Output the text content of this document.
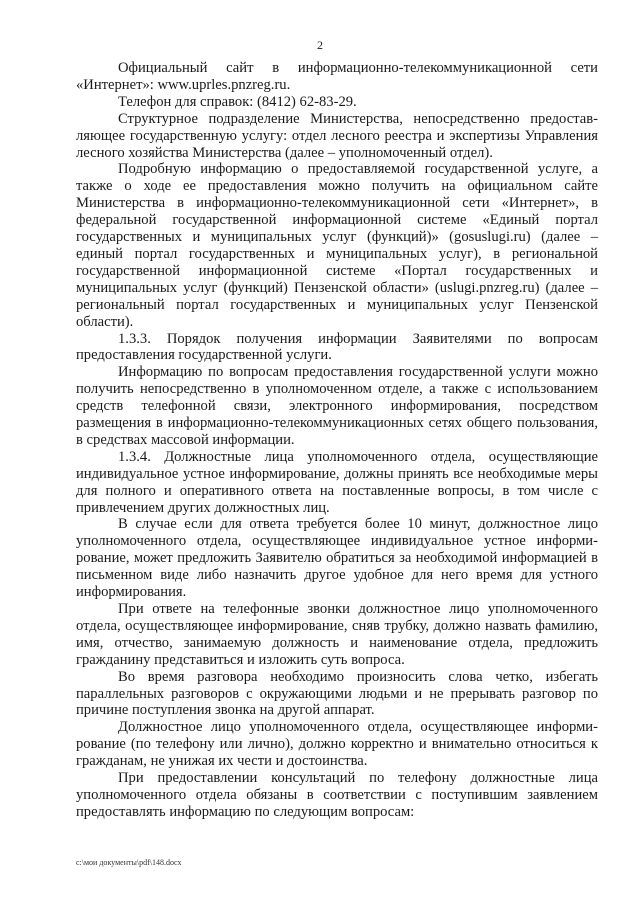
2

Официальный сайт в информационно-телекоммуникационной сети «Интернет»: www.uprles.pnzreg.ru.

Телефон для справок: (8412) 62-83-29.

Структурное подразделение Министерства, непосредственно предоставляющее государственную услугу: отдел лесного реестра и экспертизы Управления лесного хозяйства Министерства (далее – уполномоченный отдел).

Подробную информацию о предоставляемой государственной услуге, а также о ходе ее предоставления можно получить на официальном сайте Министерства в информационно-телекоммуникационной сети «Интернет», в федеральной государственной информационной системе «Единый портал государственных и муниципальных услуг (функций)» (gosuslugi.ru) (далее – единый портал государственных и муниципальных услуг), в региональной государственной информационной системе «Портал государственных и муниципальных услуг (функций) Пензенской области» (uslugi.pnzreg.ru) (далее – региональный портал государственных и муниципальных услуг Пензенской области).

1.3.3. Порядок получения информации Заявителями по вопросам предоставления государственной услуги.

Информацию по вопросам предоставления государственной услуги можно получить непосредственно в уполномоченном отделе, а также с использованием средств телефонной связи, электронного информирования, посредством размещения в информационно-телекоммуникационных сетях общего пользования, в средствах массовой информации.

1.3.4. Должностные лица уполномоченного отдела, осуществляющие индивидуальное устное информирование, должны принять все необходимые меры для полного и оперативного ответа на поставленные вопросы, в том числе с привлечением других должностных лиц.

В случае если для ответа требуется более 10 минут, должностное лицо уполномоченного отдела, осуществляющее индивидуальное устное информирование, может предложить Заявителю обратиться за необходимой информацией в письменном виде либо назначить другое удобное для него время для устного информирования.

При ответе на телефонные звонки должностное лицо уполномоченного отдела, осуществляющее информирование, сняв трубку, должно назвать фамилию, имя, отчество, занимаемую должность и наименование отдела, предложить гражданину представиться и изложить суть вопроса.

Во время разговора необходимо произносить слова четко, избегать параллельных разговоров с окружающими людьми и не прерывать разговор по причине поступления звонка на другой аппарат.

Должностное лицо уполномоченного отдела, осуществляющее информирование (по телефону или лично), должно корректно и внимательно относиться к гражданам, не унижая их чести и достоинства.

При предоставлении консультаций по телефону должностные лица уполномоченного отдела обязаны в соответствии с поступившим заявлением предоставлять информацию по следующим вопросам:

c:\мои документы\pdf\148.docx
